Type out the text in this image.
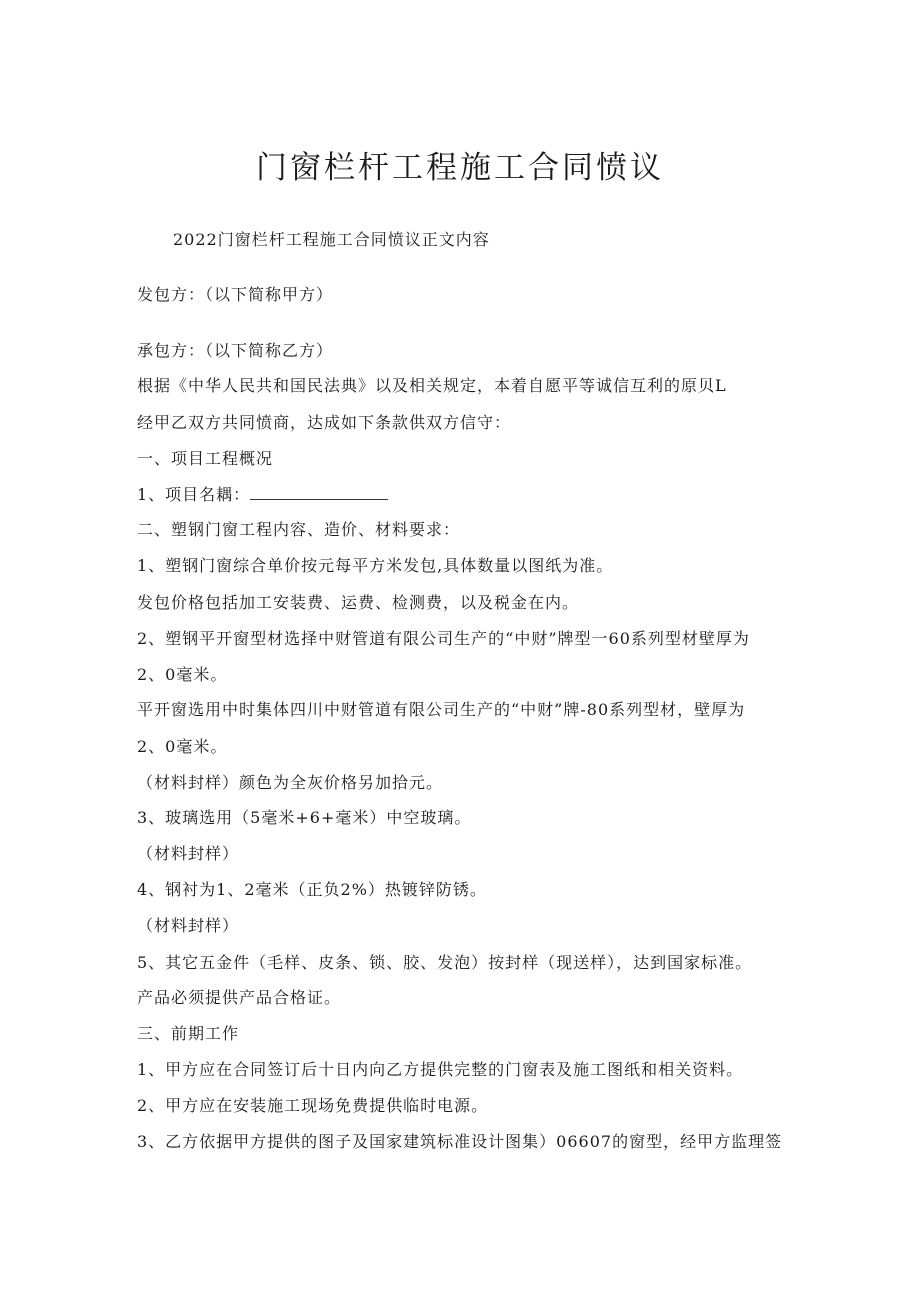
门窗栏杆工程施工合同愤议

2022门窗栏杆工程施工合同愤议正文内容

发包方：（以下简称甲方）

承包方：（以下简称乙方）

根据《中华人民共和国民法典》以及相关规定，本着自愿平等诚信互利的原贝L

经甲乙双方共同愤商，达成如下条款供双方信守：

一、项目工程概况

1、项目名耦：

二、塑钢门窗工程内容、造价、材料要求：

1、塑钢门窗综合单价按元每平方米发包,具体数量以图纸为准。

发包价格包括加工安装费、运费、检测费，以及税金在内。

2、塑钢平开窗型材选择中财管道有限公司生产的“中财”牌型一60系列型材壁厚为

2、0毫米。

平开窗选用中时集体四川中财管道有限公司生产的“中财”牌-80系列型材，壁厚为

2、0毫米。

（材料封样）颜色为全灰价格另加拾元。

3、玻璃选用（5毫米+6+毫米）中空玻璃。

（材料封样）

4、钢衬为1、2毫米（正负2%）热镀锌防锈。

（材料封样）

5、其它五金件（毛样、皮条、锁、胶、发泡）按封样（现送样），达到国家标准。

产品必须提供产品合格证。

三、前期工作

1、甲方应在合同签订后十日内向乙方提供完整的门窗表及施工图纸和相关资料。

2、甲方应在安装施工现场免费提供临时电源。

3、乙方依据甲方提供的图子及国家建筑标准设计图集）06607的窗型，经甲方监理签
